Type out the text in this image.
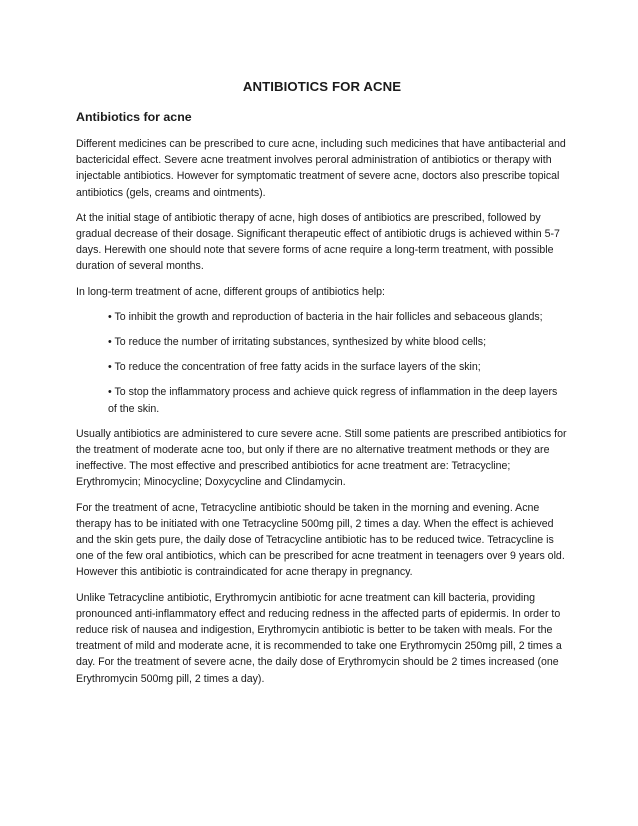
ANTIBIOTICS FOR ACNE
Antibiotics for acne

Different medicines can be prescribed to cure acne, including such medicines that have antibacterial and bactericidal effect. Severe acne treatment involves peroral administration of antibiotics or therapy with injectable antibiotics. However for symptomatic treatment of severe acne, doctors also prescribe topical antibiotics (gels, creams and ointments).

At the initial stage of antibiotic therapy of acne, high doses of antibiotics are prescribed, followed by gradual decrease of their dosage. Significant therapeutic effect of antibiotic drugs is achieved within 5-7 days. Herewith one should note that severe forms of acne require a long-term treatment, with possible duration of several months.

In long-term treatment of acne, different groups of antibiotics help:

• To inhibit the growth and reproduction of bacteria in the hair follicles and sebaceous glands;
• To reduce the number of irritating substances, synthesized by white blood cells;
• To reduce the concentration of free fatty acids in the surface layers of the skin;
• To stop the inflammatory process and achieve quick regress of inflammation in the deep layers of the skin.

Usually antibiotics are administered to cure severe acne. Still some patients are prescribed antibiotics for the treatment of moderate acne too, but only if there are no alternative treatment methods or they are ineffective. The most effective and prescribed antibiotics for acne treatment are: Tetracycline; Erythromycin; Minocycline; Doxycycline and Clindamycin.

For the treatment of acne, Tetracycline antibiotic should be taken in the morning and evening. Acne therapy has to be initiated with one Tetracycline 500mg pill, 2 times a day. When the effect is achieved and the skin gets pure, the daily dose of Tetracycline antibiotic has to be reduced twice. Tetracycline is one of the few oral antibiotics, which can be prescribed for acne treatment in teenagers over 9 years old. However this antibiotic is contraindicated for acne therapy in pregnancy.

Unlike Tetracycline antibiotic, Erythromycin antibiotic for acne treatment can kill bacteria, providing pronounced anti-inflammatory effect and reducing redness in the affected parts of epidermis. In order to reduce risk of nausea and indigestion, Erythromycin antibiotic is better to be taken with meals. For the treatment of mild and moderate acne, it is recommended to take one Erythromycin 250mg pill, 2 times a day. For the treatment of severe acne, the daily dose of Erythromycin should be 2 times increased (one Erythromycin 500mg pill, 2 times a day).
